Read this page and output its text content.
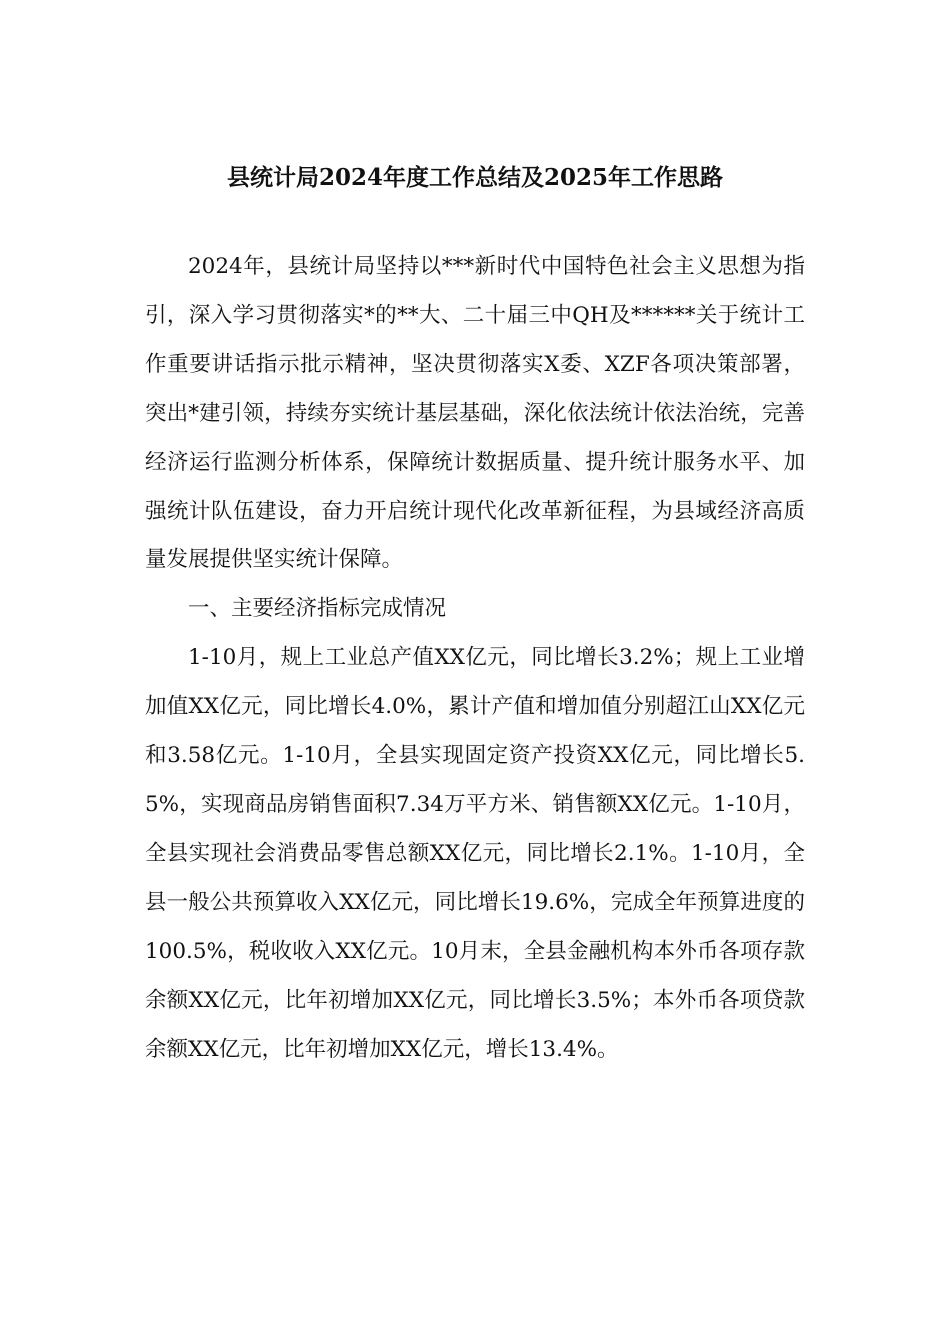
县统计局2024年度工作总结及2025年工作思路

2024年，县统计局坚持以***新时代中国特色社会主义思想为指引，深入学习贯彻落实*的**大、二十届三中QH及******关于统计工作重要讲话指示批示精神，坚决贯彻落实X委、XZF各项决策部署，突出*建引领，持续夯实统计基层基础，深化依法统计依法治统，完善经济运行监测分析体系，保障统计数据质量、提升统计服务水平、加强统计队伍建设，奋力开启统计现代化改革新征程，为县域经济高质量发展提供坚实统计保障。

一、主要经济指标完成情况

1-10月，规上工业总产值XX亿元，同比增长3.2%；规上工业增加值XX亿元，同比增长4.0%，累计产值和增加值分别超江山XX亿元和3.58亿元。1-10月，全县实现固定资产投资XX亿元，同比增长5.5%，实现商品房销售面积7.34万平方米、销售额XX亿元。1-10月，全县实现社会消费品零售总额XX亿元，同比增长2.1%。1-10月，全县一般公共预算收入XX亿元，同比增长19.6%，完成全年预算进度的100.5%，税收收入XX亿元。10月末，全县金融机构本外币各项存款余额XX亿元，比年初增加XX亿元，同比增长3.5%；本外币各项贷款余额XX亿元，比年初增加XX亿元，增长13.4%。
